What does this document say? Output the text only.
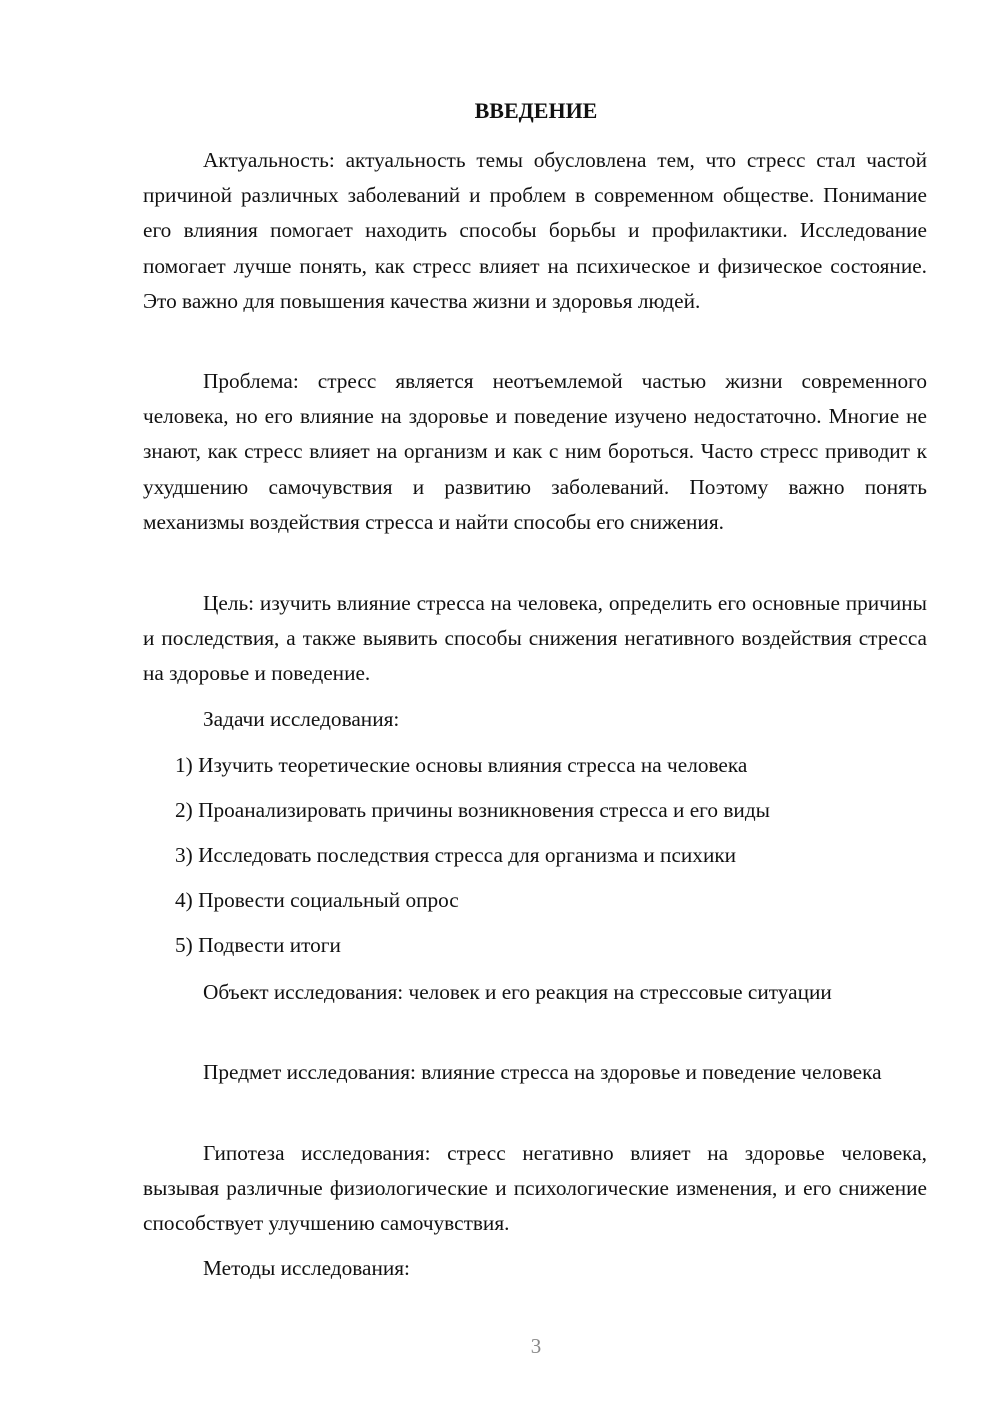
ВВЕДЕНИЕ

Актуальность: актуальность темы обусловлена тем, что стресс стал частой причиной различных заболеваний и проблем в современном обществе. Понимание его влияния помогает находить способы борьбы и профилактики. Исследование помогает лучше понять, как стресс влияет на психическое и физическое состояние. Это важно для повышения качества жизни и здоровья людей.

Проблема: стресс является неотъемлемой частью жизни современного человека, но его влияние на здоровье и поведение изучено недостаточно. Многие не знают, как стресс влияет на организм и как с ним бороться. Часто стресс приводит к ухудшению самочувствия и развитию заболеваний. Поэтому важно понять механизмы воздействия стресса и найти способы его снижения.

Цель: изучить влияние стресса на человека, определить его основные причины и последствия, а также выявить способы снижения негативного воздействия стресса на здоровье и поведение.

Задачи исследования:

1) Изучить теоретические основы влияния стресса на человека

2) Проанализировать причины возникновения стресса и его виды

3) Исследовать последствия стресса для организма и психики

4) Провести социальный опрос

5) Подвести итоги

Объект исследования: человек и его реакция на стрессовые ситуации

Предмет исследования: влияние стресса на здоровье и поведение человека

Гипотеза исследования: стресс негативно влияет на здоровье человека, вызывая различные физиологические и психологические изменения, и его снижение способствует улучшению самочувствия.

Методы исследования:

3
